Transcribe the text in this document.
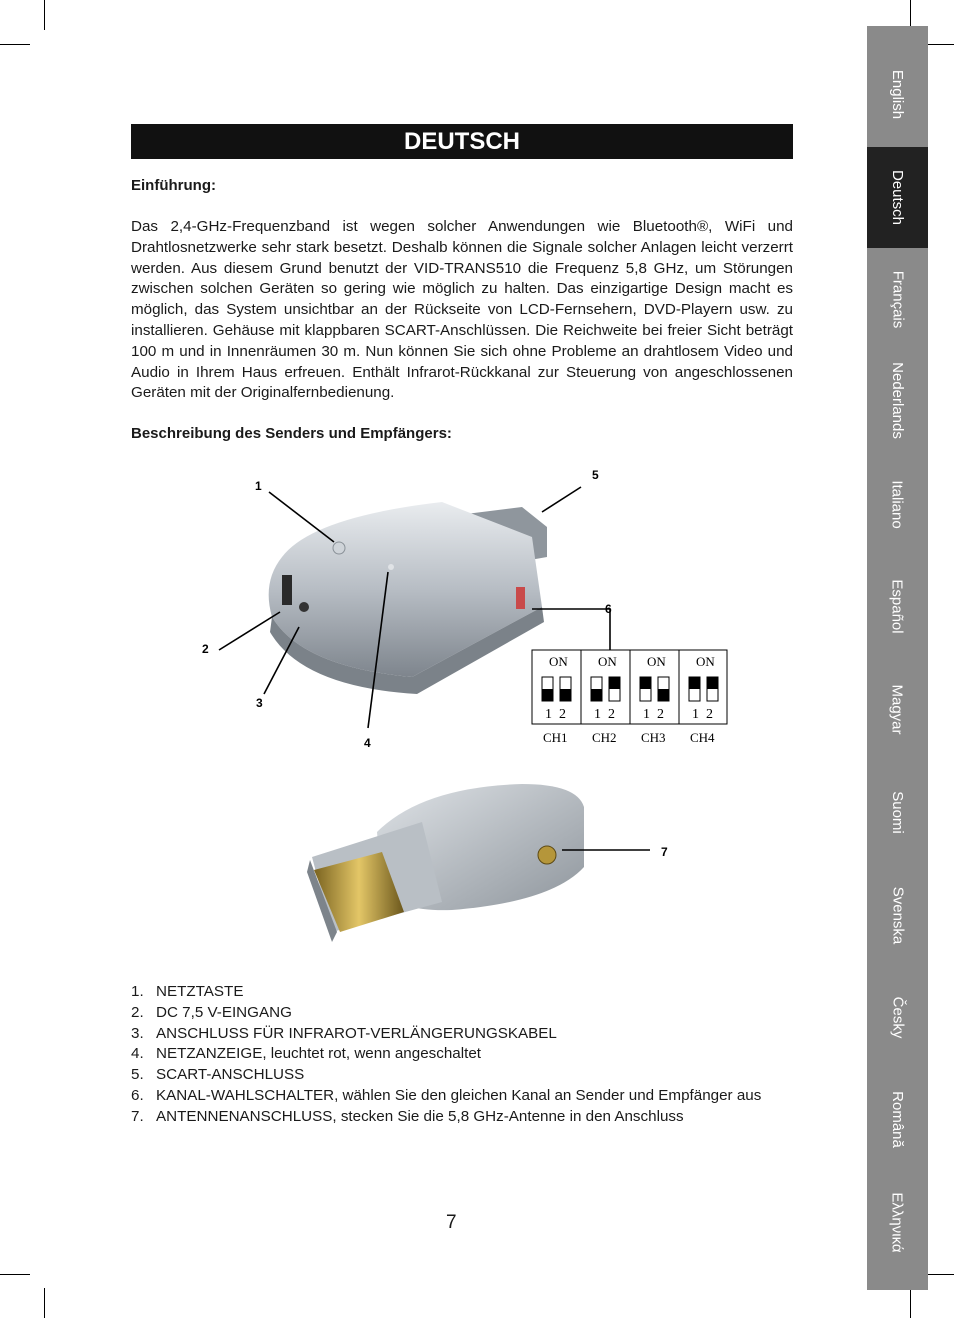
DEUTSCH
Einführung:

Das 2,4-GHz-Frequenzband ist wegen solcher Anwendungen wie Bluetooth®, WiFi und Drahtlosnetzwerke sehr stark besetzt. Deshalb können die Signale solcher Anlagen leicht verzerrt werden. Aus diesem Grund benutzt der VID-TRANS510 die Frequenz 5,8 GHz, um Störungen zwischen solchen Geräten so gering wie möglich zu halten. Das einzigartige Design macht es möglich, das System unsichtbar an der Rückseite von LCD-Fernsehern, DVD-Playern usw. zu installieren. Gehäuse mit klappbaren SCART-Anschlüssen. Die Reichweite bei freier Sicht beträgt 100 m und in Innenräumen 30 m. Nun können Sie sich ohne Probleme an drahtlosem Video und Audio in Ihrem Haus erfreuen. Enthält Infrarot-Rückkanal zur Steuerung von angeschlossenen Geräten mit der Originalfernbedienung.

Beschreibung des Senders und Empfängers:
1
2
3
4
5
6
7
ON
1  2
CH1
ON
1  2
CH2
ON
1  2
CH3
ON
1  2
CH4
1. NETZTASTE
2. DC 7,5 V-EINGANG
3. ANSCHLUSS FÜR INFRAROT-VERLÄNGERUNGSKABEL
4. NETZANZEIGE, leuchtet rot, wenn angeschaltet
5. SCART-ANSCHLUSS
6. KANAL-WAHLSCHALTER, wählen Sie den gleichen Kanal an Sender und Empfänger aus
7. ANTENNENANSCHLUSS, stecken Sie die 5,8 GHz-Antenne in den Anschluss
7
English
Deutsch
Français
Nederlands
Italiano
Español
Magyar
Suomi
Svenska
Česky
Română
Ελληνικά
